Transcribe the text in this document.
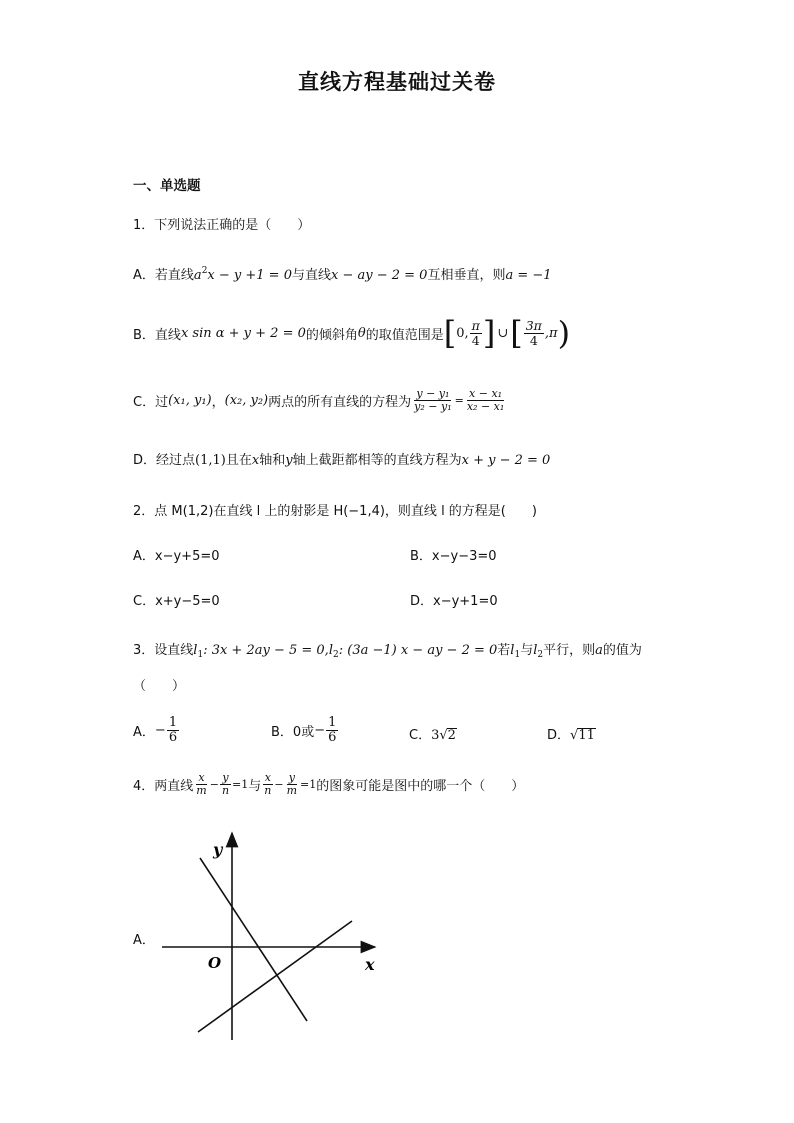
直线方程基础过关卷
一、单选题
1．下列说法正确的是（　　）
A．若直线$a^2x - y +1 = 0$与直线x − ay − 2 = 0互相垂直，则a = −1
B． 直线 x sin α + y + 2 = 0 的倾斜角 θ 的取值范围是 [ 0, $\frac{\pi}{4}$ ] ∪ [ $\frac{3\pi}{4} ,\pi$ )
C． 过 (x₁, y₁) ， (x₂, y₂) 两点的所有直线的方程为 $\frac{\text{y − y₁}}{\text{y₂ − y₁}} = \frac{\text{x − x₁}}{\text{x₂ − x₁}}$
D．经过点(1,1)且在x轴和y轴上截距都相等的直线方程为x + y − 2 = 0
2．点 M(1,2)在直线 l 上的射影是 H(−1,4)，则直线 l 的方程是(　　)
A．x−y+5=0	B．x−y−3=0
C．x+y−5=0	D．x−y+1=0
3．设直线$l_1$: $3x + 2ay - 5 = 0,l_2$: (3a −1) x − ay − 2 = 0若$l_1$与$l_2$平行，则a的值为
（　　）
A． − $\frac{1}{6}$	B．0或 − $\frac{1}{6}$	C．3√2	D．√11
4．两直线 $\frac{x}{m} - \frac{y}{n} =1$ 与 $\frac{x}{n} - \frac{y}{m} =1$ 的图象可能是图中的哪一个（　　）
A．
y
x
O
